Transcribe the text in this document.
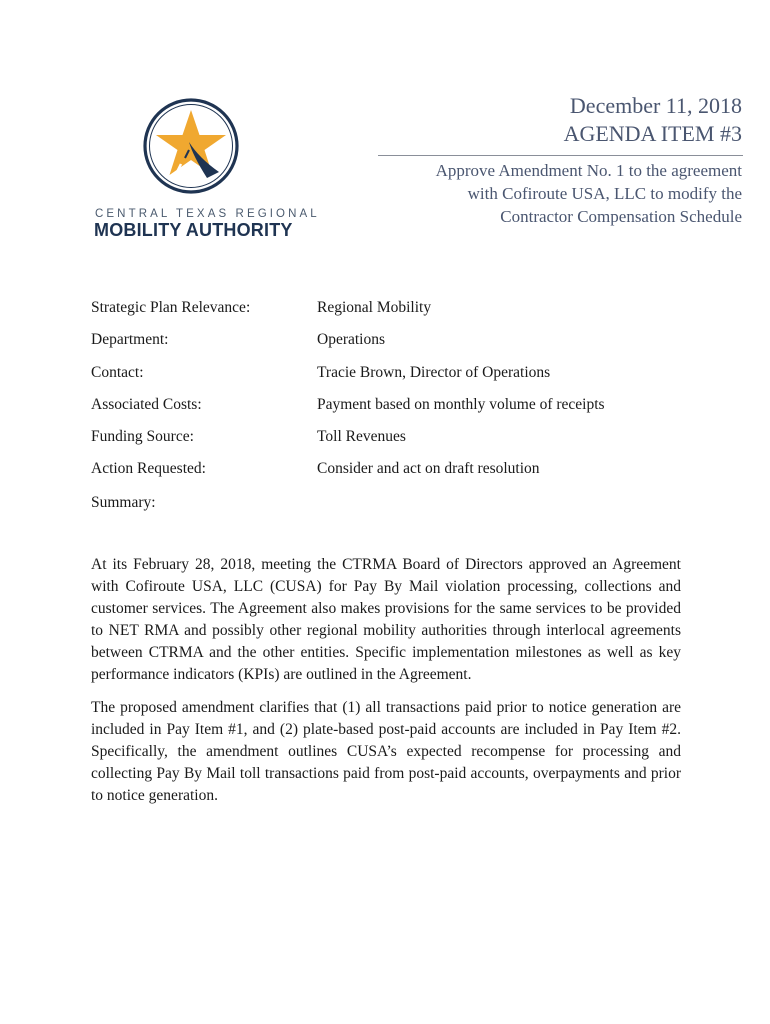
CENTRAL TEXAS REGIONAL
MOBILITY AUTHORITY
December 11, 2018
AGENDA ITEM #3
Approve Amendment No. 1 to the agreement
with Cofiroute USA, LLC to modify the
Contractor Compensation Schedule
Strategic Plan Relevance:	Regional Mobility
Department:	Operations
Contact:	Tracie Brown, Director of Operations
Associated Costs:	Payment based on monthly volume of receipts
Funding Source:	Toll Revenues
Action Requested:	Consider and act on draft resolution
Summary:

At its February 28, 2018, meeting the CTRMA Board of Directors approved an Agreement with Cofiroute USA, LLC (CUSA) for Pay By Mail violation processing, collections and customer services. The Agreement also makes provisions for the same services to be provided to NET RMA and possibly other regional mobility authorities through interlocal agreements between CTRMA and the other entities. Specific implementation milestones as well as key performance indicators (KPIs) are outlined in the Agreement.

The proposed amendment clarifies that (1) all transactions paid prior to notice generation are included in Pay Item #1, and (2) plate-based post-paid accounts are included in Pay Item #2. Specifically, the amendment outlines CUSA’s expected recompense for processing and collecting Pay By Mail toll transactions paid from post-paid accounts, overpayments and prior to notice generation.
